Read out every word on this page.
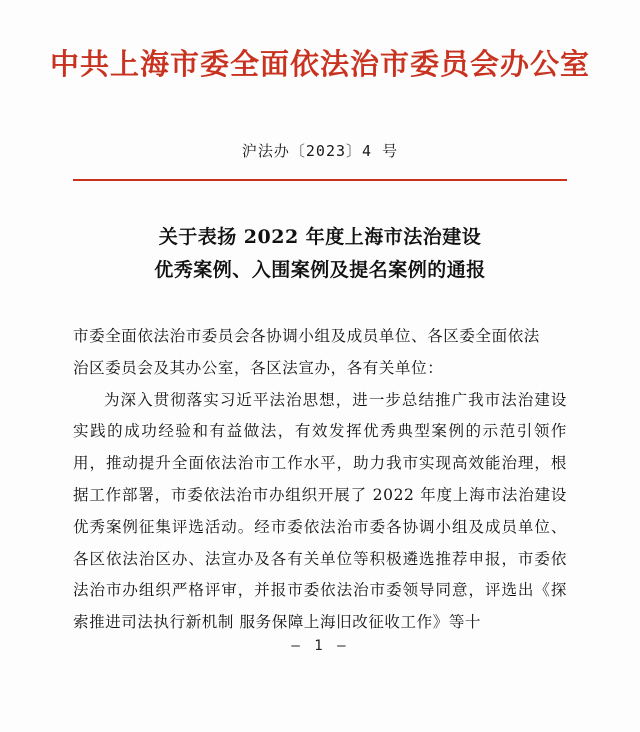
中共上海市委全面依法治市委员会办公室
沪法办〔2023〕4 号
关于表扬 2022 年度上海市法治建设
优秀案例、入围案例及提名案例的通报

市委全面依法治市委员会各协调小组及成员单位、各区委全面依法

治区委员会及其办公室，各区法宣办，各有关单位：

为深入贯彻落实习近平法治思想，进一步总结推广我市法治建设实践的成功经验和有益做法，有效发挥优秀典型案例的示范引领作用，推动提升全面依法治市工作水平，助力我市实现高效能治理，根据工作部署，市委依法治市办组织开展了 2022 年度上海市法治建设优秀案例征集评选活动。经市委依法治市委各协调小组及成员单位、各区依法治区办、法宣办及各有关单位等积极遴选推荐申报，市委依法治市办组织严格评审，并报市委依法治市委领导同意，评选出《探索推进司法执行新机制 服务保障上海旧改征收工作》等十

— 1 —
